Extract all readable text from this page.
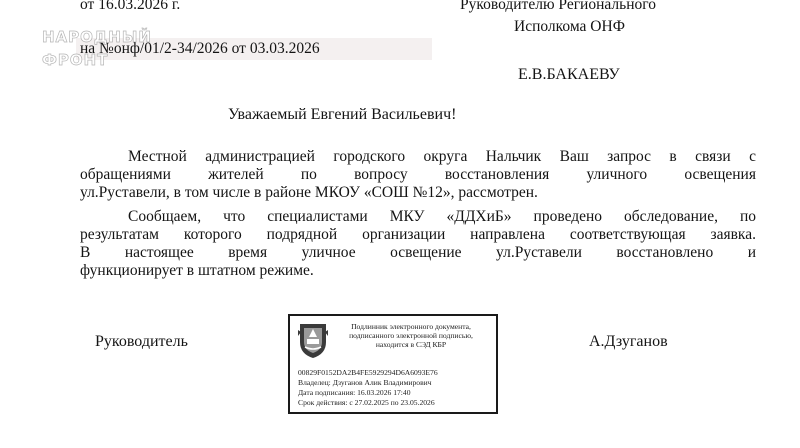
от 16.03.2026 г.	Руководителю Регионального
Исполкома ОНФ
Е.В.БАКАЕВУ
на №онф/01/2-34/2026 от 03.03.2026
НАРОДНЫЙ
ФРОНТ
Уважаемый Евгений Васильевич!
Местной администрацией городского округа Нальчик Ваш запрос в связи с
обращениями жителей по вопросу восстановления уличного освещения
ул.Руставели, в том числе в районе МКОУ «СОШ №12», рассмотрен.
Сообщаем, что специалистами МКУ «ДДХиБ» проведено обследование, по
результатам которого подрядной организации направлена соответствующая заявка.
В настоящее время уличное освещение ул.Руставели восстановлено и
функционирует в штатном режиме.
Руководитель	А.Дзуганов
Подлинник электронного документа,
подписанного электронной подписью,
находится в СЭД КБР
00829F0152DA2B4FE5929294D6A6093E76
Владелец: Дзуганов Алик Владимирович
Дата подписания: 16.03.2026 17:40
Срок действия: с 27.02.2025 по 23.05.2026
